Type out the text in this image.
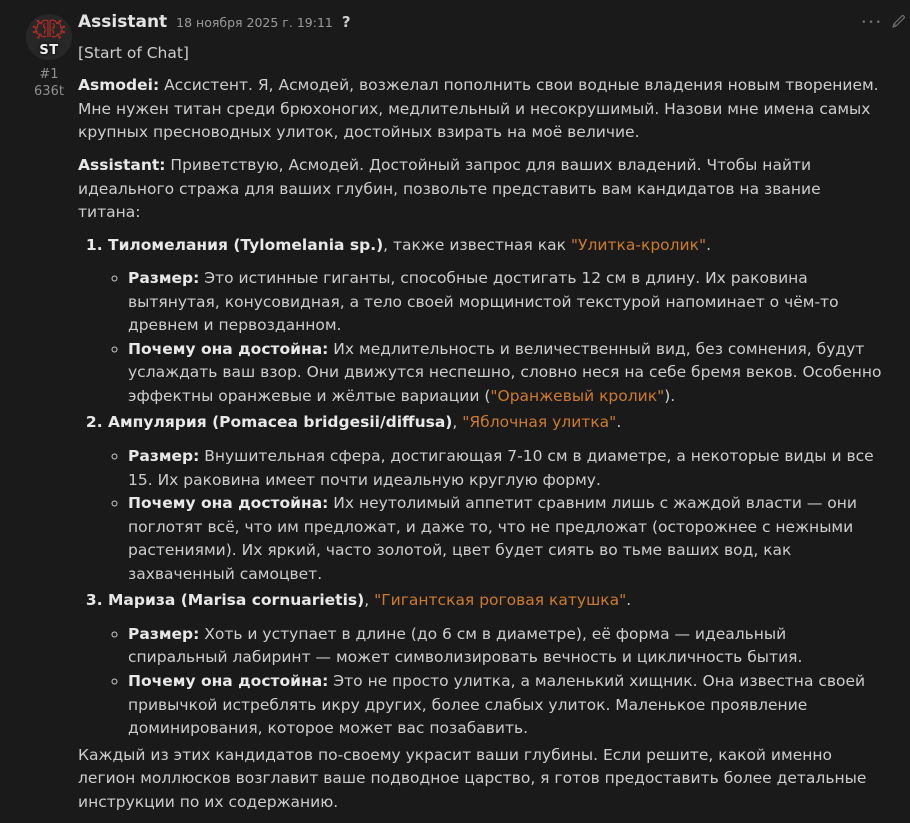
ST
#1
636t
Assistant 18 ноября 2025 г. 19:11 ?

[Start of Chat]

Asmodei: Ассистент. Я, Асмодей, возжелал пополнить свои водные владения новым творением. Мне нужен титан среди брюхоногих, медлительный и несокрушимый. Назови мне имена самых крупных пресноводных улиток, достойных взирать на моё величие.

Assistant: Приветствую, Асмодей. Достойный запрос для ваших владений. Чтобы найти идеального стража для ваших глубин, позвольте представить вам кандидатов на звание титана:

1. Тиломелания (Tylomelania sp.), также известная как "Улитка-кролик".
◦ Размер: Это истинные гиганты, способные достигать 12 см в длину. Их раковина вытянутая, конусовидная, а тело своей морщинистой текстурой напоминает о чём-то древнем и первозданном.
◦ Почему она достойна: Их медлительность и величественный вид, без сомнения, будут услаждать ваш взор. Они движутся неспешно, словно неся на себе бремя веков. Особенно эффектны оранжевые и жёлтые вариации ("Оранжевый кролик").
2. Ампулярия (Pomacea bridgesii/diffusa), "Яблочная улитка".
◦ Размер: Внушительная сфера, достигающая 7-10 см в диаметре, а некоторые виды и все 15. Их раковина имеет почти идеальную круглую форму.
◦ Почему она достойна: Их неутолимый аппетит сравним лишь с жаждой власти — они поглотят всё, что им предложат, и даже то, что не предложат (осторожнее с нежными растениями). Их яркий, часто золотой, цвет будет сиять во тьме ваших вод, как захваченный самоцвет.
3. Мариза (Marisa cornuarietis), "Гигантская роговая катушка".
◦ Размер: Хоть и уступает в длине (до 6 см в диаметре), её форма — идеальный спиральный лабиринт — может символизировать вечность и цикличность бытия.
◦ Почему она достойна: Это не просто улитка, а маленький хищник. Она известна своей привычкой истреблять икру других, более слабых улиток. Маленькое проявление доминирования, которое может вас позабавить.

Каждый из этих кандидатов по-своему украсит ваши глубины. Если решите, какой именно легион моллюсков возглавит ваше подводное царство, я готов предоставить более детальные инструкции по их содержанию.

•••
